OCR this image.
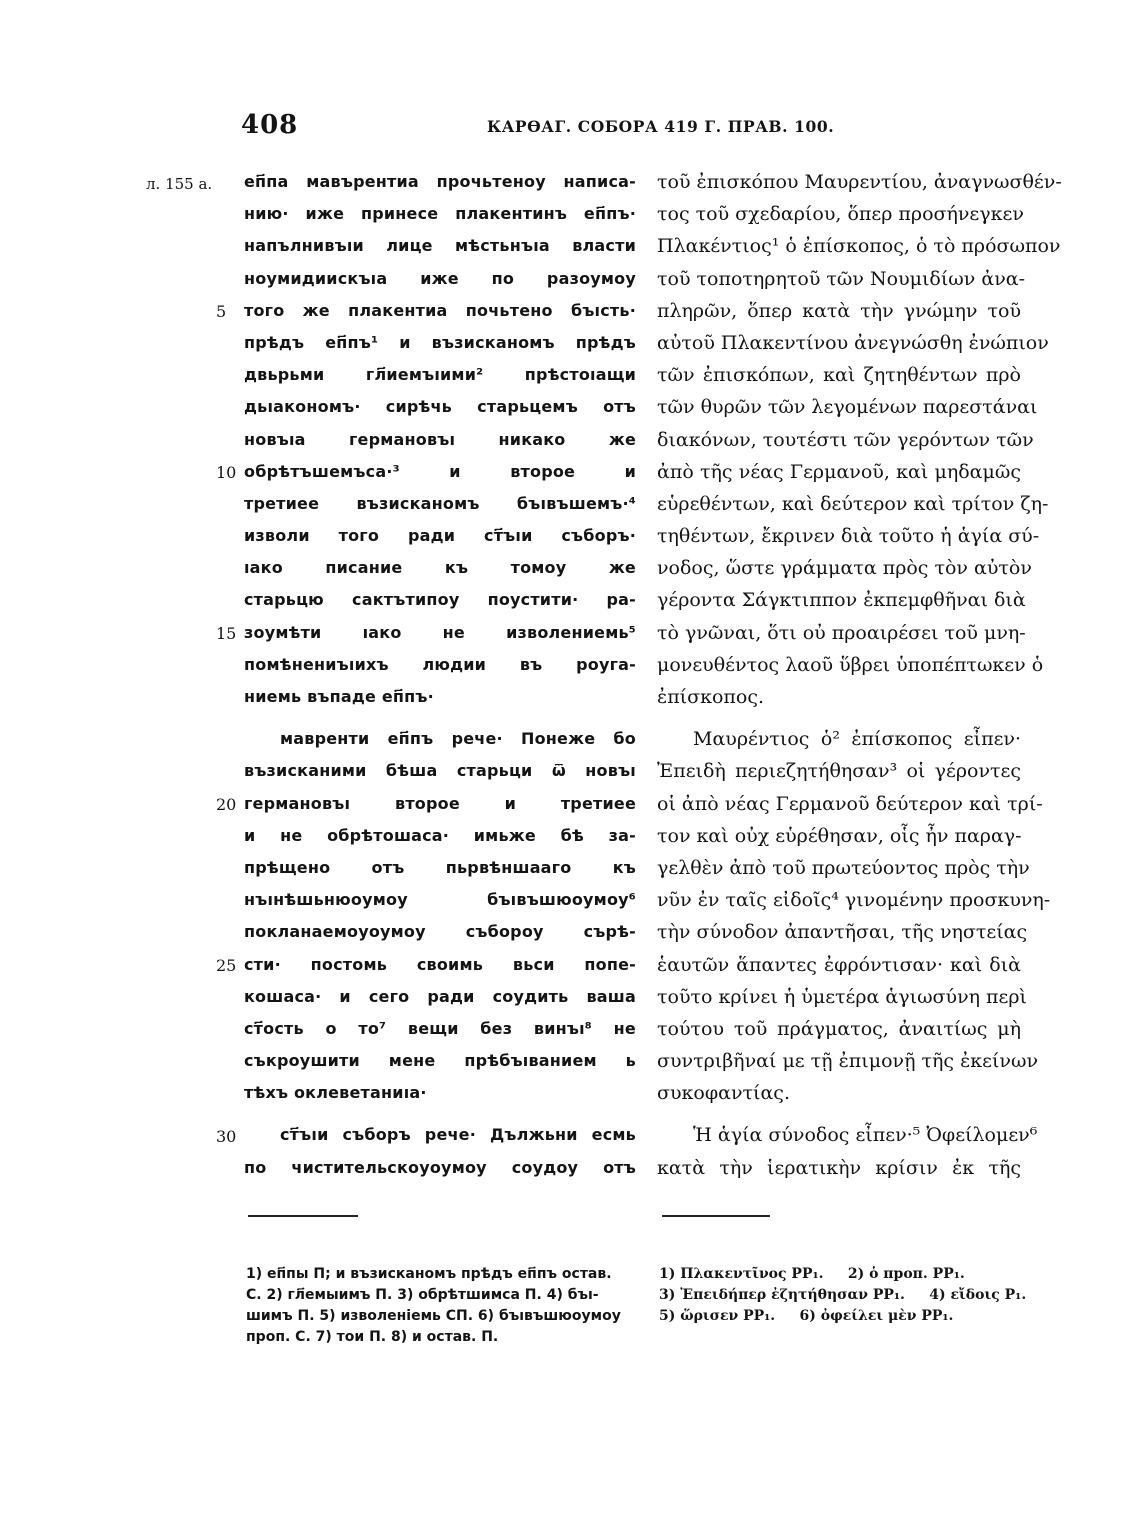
408	КАРѲАГ. СОБОРА 419 Г. ПРАВ. 100.
л. 155 а.
5
10
15
20
25
30
еп҃па мавърентиа прочьтеноу написа-
нию· иже принесе плакентинъ еп҃пъ·
напълнивъıи лице мѣстьнъıа власти
ноумидиискъıа иже по разоумоу
того же плакентиа почьтено бъıсть·
прѣдъ еп҃пъ¹ и възисканомъ прѣдъ
двьрьми гл҃иемъıими² прѣстоıащи
дьıакономъ· сирѣчь старьцемъ отъ
новъıа германовъı никако же
обрѣтъшемъса·³ и второе и
третиее възисканомъ бъıвъшемъ·⁴
изволи того ради ст҃ъıи съборъ·
ıако писание къ томоу же
старьцю сактътипоу поустити· ра-
зоумѣти ıако не изволениемь⁵
помѣнениъıихъ людии въ роуга-
ниемь въпаде еп҃пъ·
мавренти еп҃пъ рече· Понеже бо
възисканими бѣша старьци ѿ новъı
германовъı второе и третиее
и не обрѣтошаса· имьже бѣ за-
прѣщено отъ пьрвѣншааго къ
нъıнѣшьнюоумоу бъıвъшюоумоу⁶
покланаемоуоумоу събороу сърѣ-
сти· постомь своимь вьси попе-
кошаса· и сего ради соудить ваша
ст҃ость о то⁷ вещи без винъı⁸ не
съкроушити мене прѣбъıванием ь
тѣхъ оклеветаниıа·
ст҃ъıи съборъ рече· Дължьни есмь
по чистительскоуоумоу соудоу отъ
τοῦ ἐπισκόπου Μαυρεντίου, ἀναγνωσθέν-
τος τοῦ σχεδαρίου, ὅπερ προσήνεγκεν
Πλακέντιος¹ ὁ ἐπίσκοπος, ὁ τὸ πρόσωπον
τοῦ τοποτηρητοῦ τῶν Νουμιδίων ἀνα-
πληρῶν, ὅπερ κατὰ τὴν γνώμην τοῦ
αὐτοῦ Πλακεντίνου ἀνεγνώσθη ἐνώπιον
τῶν ἐπισκόπων, καὶ ζητηθέντων πρὸ
τῶν θυρῶν τῶν λεγομένων παρεστάναι
διακόνων, τουτέστι τῶν γερόντων τῶν
ἀπὸ τῆς νέας Γερμανοῦ, καὶ μηδαμῶς
εὑρεθέντων, καὶ δεύτερον καὶ τρίτον ζη-
τηθέντων, ἔκρινεν διὰ τοῦτο ἡ ἁγία σύ-
νοδος, ὥστε γράμματα πρὸς τὸν αὐτὸν
γέροντα Σάγκτιππον ἐκπεμφθῆναι διὰ
τὸ γνῶναι, ὅτι οὐ προαιρέσει τοῦ μνη-
μονευθέντος λαοῦ ὕβρει ὑποπέπτωκεν ὁ
ἐπίσκοπος.
Μαυρέντιος ὁ² ἐπίσκοπος εἶπεν·
Ἐπειδὴ περιεζητήθησαν³ οἱ γέροντες
οἱ ἀπὸ νέας Γερμανοῦ δεύτερον καὶ τρί-
τον καὶ οὐχ εὑρέθησαν, οἷς ἦν παραγ-
γελθὲν ἀπὸ τοῦ πρωτεύοντος πρὸς τὴν
νῦν ἐν ταῖς εἰδοῖς⁴ γινομένην προσκυνη-
τὴν σύνοδον ἀπαντῆσαι, τῆς νηστείας
ἑαυτῶν ἅπαντες ἐφρόντισαν· καὶ διὰ
τοῦτο κρίνει ἡ ὑμετέρα ἁγιωσύνη περὶ
τούτου τοῦ πράγματος, ἀναιτίως μὴ
συντριβῆναί με τῇ ἐπιμονῇ τῆς ἐκείνων
συκοφαντίας.
Ἡ ἁγία σύνοδος εἶπεν·⁵ Ὀφείλομεν⁶
κατὰ τὴν ἱερατικὴν κρίσιν ἐκ τῆς
1) еп҃пы П; и възисканомъ прѣдъ еп҃пъ остав.
С. 2) гл҃емыимъ П. 3) обрѣтшимса П. 4) бъı-
шимъ П. 5) изволеніемь СП. 6) бъıвъшюоумоу
проп. С. 7) тои П. 8) и остав. П.
1) Πλακεντῖνος PP₁.     2) ὁ проп. PP₁.
3) Ἐπειδήπερ ἐζητήθησαν PP₁.     4) εἴδοις P₁.
5) ὥρισεν PP₁.     6) ὀφείλει μὲν PP₁.
